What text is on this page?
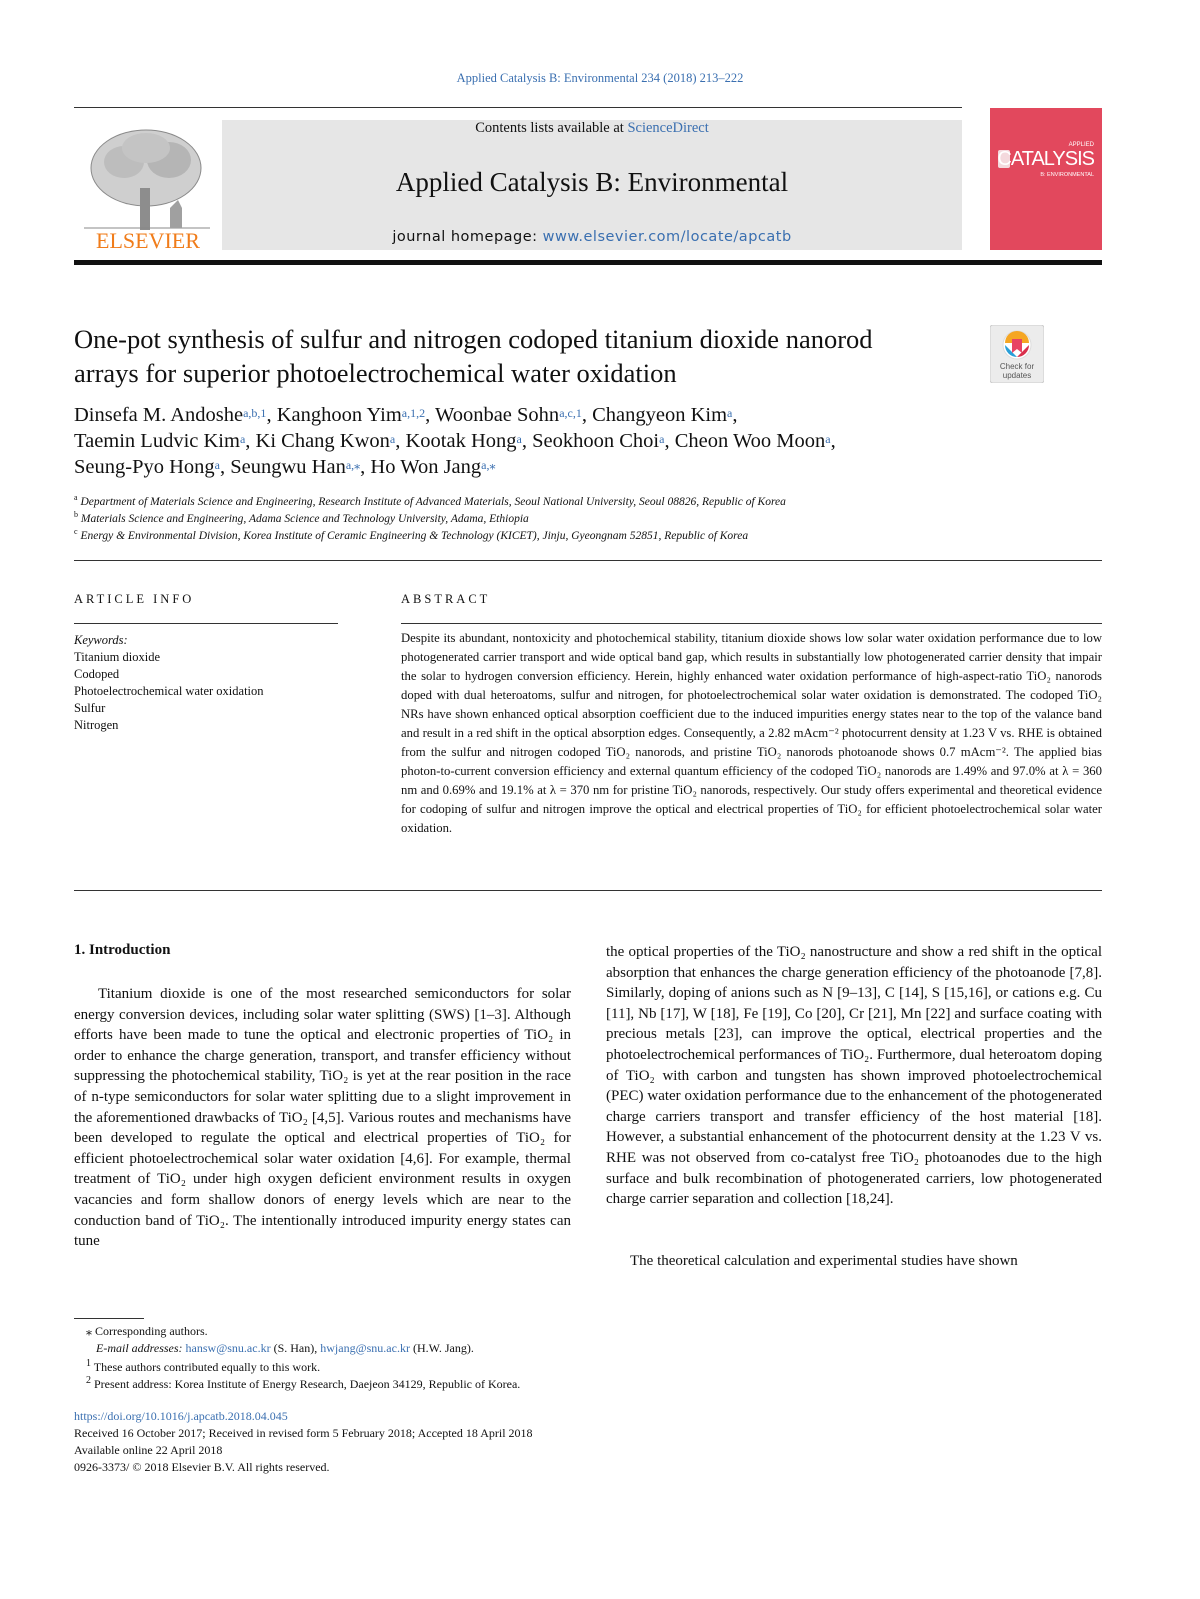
Applied Catalysis B: Environmental 234 (2018) 213–222
ELSEVIER
Contents lists available at ScienceDirect
Applied Catalysis B: Environmental
journal homepage: www.elsevier.com/locate/apcatb
APPLIED
CATALYSIS
B: ENVIRONMENTAL
One-pot synthesis of sulfur and nitrogen codoped titanium dioxide nanorod
arrays for superior photoelectrochemical water oxidation	Check for
updates
Dinsefa M. Andoshe$^{a,b,1}$, Kanghoon Yim$^{a,1,2}$, Woonbae Sohn$^{a,c,1}$, Changyeon Kim$^a$,
Taemin Ludvic Kim$^a$, Ki Chang Kwon$^a$, Kootak Hong$^a$, Seokhoon Choi$^a$, Cheon Woo Moon$^a$,
Seung-Pyo Hong$^a$, Seungwu Han$^{a,⁎}$, Ho Won Jang$^{a,⁎}$
$^a$ Department of Materials Science and Engineering, Research Institute of Advanced Materials, Seoul National University, Seoul 08826, Republic of Korea
$^b$ Materials Science and Engineering, Adama Science and Technology University, Adama, Ethiopia
$^c$ Energy & Environmental Division, Korea Institute of Ceramic Engineering & Technology (KICET), Jinju, Gyeongnam 52851, Republic of Korea
ARTICLE INFO
Keywords:
Titanium dioxide
Codoped
Photoelectrochemical water oxidation
Sulfur
Nitrogen
ABSTRACT
Despite its abundant, nontoxicity and photochemical stability, titanium dioxide shows low solar water oxidation performance due to low photogenerated carrier transport and wide optical band gap, which results in substantially low photogenerated carrier density that impair the solar to hydrogen conversion efficiency. Herein, highly enhanced water oxidation performance of high-aspect-ratio TiO₂ nanorods doped with dual heteroatoms, sulfur and nitrogen, for photoelectrochemical solar water oxidation is demonstrated. The codoped TiO₂ NRs have shown enhanced optical absorption coefficient due to the induced impurities energy states near to the top of the valance band and result in a red shift in the optical absorption edges. Consequently, a 2.82 mAcm⁻² photocurrent density at 1.23 V vs. RHE is obtained from the sulfur and nitrogen codoped TiO₂ nanorods, and pristine TiO₂ nanorods photoanode shows 0.7 mAcm⁻². The applied bias photon-to-current conversion efficiency and external quantum efficiency of the codoped TiO₂ nanorods are 1.49% and 97.0% at λ = 360 nm and 0.69% and 19.1% at λ = 370 nm for pristine TiO₂ nanorods, respectively. Our study offers experimental and theoretical evidence for codoping of sulfur and nitrogen improve the optical and electrical properties of TiO₂ for efficient photoelectrochemical solar water oxidation.
1. Introduction
Titanium dioxide is one of the most researched semiconductors for solar energy conversion devices, including solar water splitting (SWS) [1–3]. Although efforts have been made to tune the optical and electronic properties of TiO₂ in order to enhance the charge generation, transport, and transfer efficiency without suppressing the photochemical stability, TiO₂ is yet at the rear position in the race of n-type semiconductors for solar water splitting due to a slight improvement in the aforementioned drawbacks of TiO₂ [4,5]. Various routes and mechanisms have been developed to regulate the optical and electrical properties of TiO₂ for efficient photoelectrochemical solar water oxidation [4,6]. For example, thermal treatment of TiO₂ under high oxygen deficient environment results in oxygen vacancies and form shallow donors of energy levels which are near to the conduction band of TiO₂. The intentionally introduced impurity energy states can tune
the optical properties of the TiO₂ nanostructure and show a red shift in the optical absorption that enhances the charge generation efficiency of the photoanode [7,8]. Similarly, doping of anions such as N [9–13], C [14], S [15,16], or cations e.g. Cu [11], Nb [17], W [18], Fe [19], Co [20], Cr [21], Mn [22] and surface coating with precious metals [23], can improve the optical, electrical properties and the photoelectrochemical performances of TiO₂. Furthermore, dual heteroatom doping of TiO₂ with carbon and tungsten has shown improved photoelectrochemical (PEC) water oxidation performance due to the enhancement of the photogenerated charge carriers transport and transfer efficiency of the host material [18]. However, a substantial enhancement of the photocurrent density at the 1.23 V vs. RHE was not observed from co-catalyst free TiO₂ photoanodes due to the high surface and bulk recombination of photogenerated carriers, low photogenerated charge carrier separation and collection [18,24].
The theoretical calculation and experimental studies have shown
⁎ Corresponding authors.
E-mail addresses: hansw@snu.ac.kr (S. Han), hwjang@snu.ac.kr (H.W. Jang).
$^1$ These authors contributed equally to this work.
$^2$ Present address: Korea Institute of Energy Research, Daejeon 34129, Republic of Korea.
https://doi.org/10.1016/j.apcatb.2018.04.045
Received 16 October 2017; Received in revised form 5 February 2018; Accepted 18 April 2018
Available online 22 April 2018
0926-3373/ © 2018 Elsevier B.V. All rights reserved.
